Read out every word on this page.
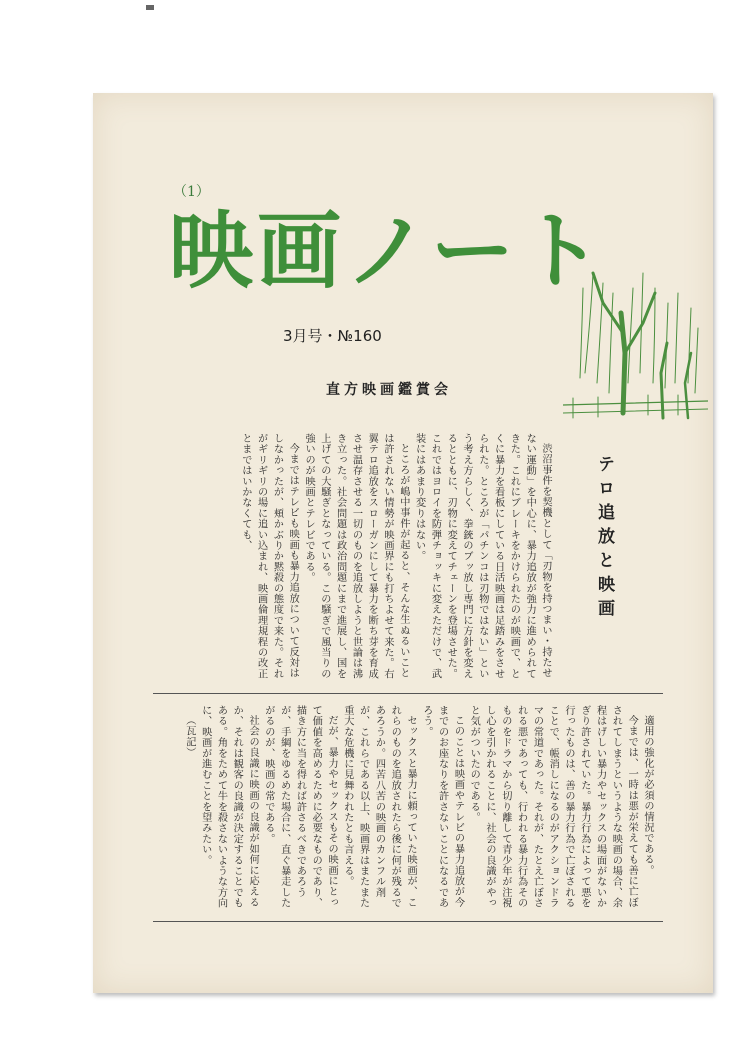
（1）
映画ノート
3月号・№160
直方映画鑑賞会
テロ追放と映画

渋沼事件を契機として「刃物を持つまい・持たせない運動」を中心に、暴力追放が強力に進められてきた。これにブレーキをかけられたのが映画で、とくに暴力を看板にしている日活映画は足踏みをさせられた。ところが「パチンコは刃物ではない」という考え方らしく、拳銃のブッ放し専門に方針を変えるとともに、刃物に変えてチェーンを登場させた。これではヨロイを防弾チョッキに変えただけで、武装にはあまり変りはない。

ところが嶋中事件が起ると、そんな生ぬるいことは許されない情勢が映画界にも打ちよせて来た。右翼テロ追放をスローガンにして暴力を断ち芽を育成させ温存させる一切のものを追放しようと世論は沸き立った。社会問題は政治問題にまで進展し、国を上げての大騒ぎとなっている。この騒ぎで風当りの強いのが映画とテレビである。

今まではテレビも映画も暴力追放について反対はしなかったが、頬かぶりか黙殺の態度で来た。それがギリギリの場に追い込まれ、映画倫理規程の改正とまではいかなくても、

適用の強化が必須の情況である。

今までは、一時は悪が栄えても善に亡ぼされてしまうというような映画の場合、余程はげしい暴力やセックスの場面がないかぎり許されていた。暴力行為によって悪を行ったものは、善の暴力行為で亡ぼされることで、帳消しになるのがアクションドラマの常道であった。それが、たとえ亡ぼされる悪であっても、行われる暴力行為そのものをドラマから切り離して青少年が注視し心を引かれることに、社会の良識がやっと気がついたのである。

このことは映画やテレビの暴力追放が今までのお座なりを許さないことになるであろう。

セックスと暴力に頼っていた映画が、これらのものを追放されたら後に何が残るであろうか。四苦八苦の映画のカンフル剤が、これらである以上、映画界はまたまた重大な危機に見舞われたとも言える。

だが、暴力やセックスもその映画にとって価値を高めるために必要なものであり、描き方に当を得れば許さるべきであろうが、手綱をゆるめた場合に、直ぐ暴走したがるのが、映画の常である。

社会の良識に映画の良識が如何に応えるか、それは観客の良識が決定することでもある。角をためて牛を殺さないような方向に、映画が進むことを望みたい。

（瓦記）
